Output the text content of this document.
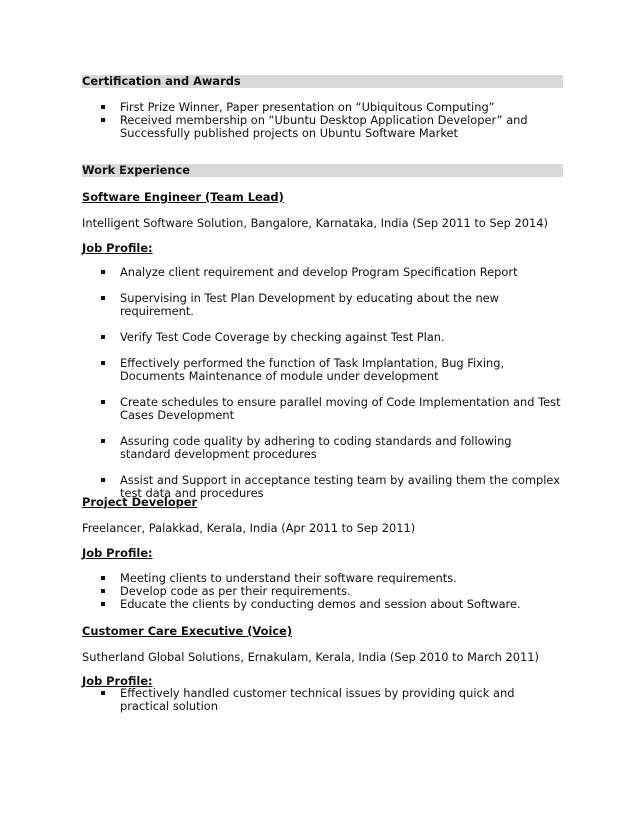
Certification and Awards
First Prize Winner, Paper presentation on “Ubiquitous Computing”
Received membership on “Ubuntu Desktop Application Developer” and Successfully published projects on Ubuntu Software Market
Work Experience
Software Engineer (Team Lead)
Intelligent Software Solution, Bangalore, Karnataka, India (Sep 2011 to Sep 2014)
Job Profile:
Analyze client requirement and develop Program Specification Report
Supervising in Test Plan Development by educating about the new requirement.
Verify Test Code Coverage by checking against Test Plan.
Effectively performed the function of Task Implantation, Bug Fixing, Documents Maintenance of module under development
Create schedules to ensure parallel moving of Code Implementation and Test Cases Development
Assuring code quality by adhering to coding standards and following standard development procedures
Assist and Support in acceptance testing team by availing them the complex test data and procedures
Project Developer
Freelancer, Palakkad, Kerala, India (Apr 2011 to Sep 2011)
Job Profile:
Meeting clients to understand their software requirements.
Develop code as per their requirements.
Educate the clients by conducting demos and session about Software.
Customer Care Executive (Voice)
Sutherland Global Solutions, Ernakulam, Kerala, India (Sep 2010 to March 2011)
Job Profile:
Effectively handled customer technical issues by providing quick and practical solution
